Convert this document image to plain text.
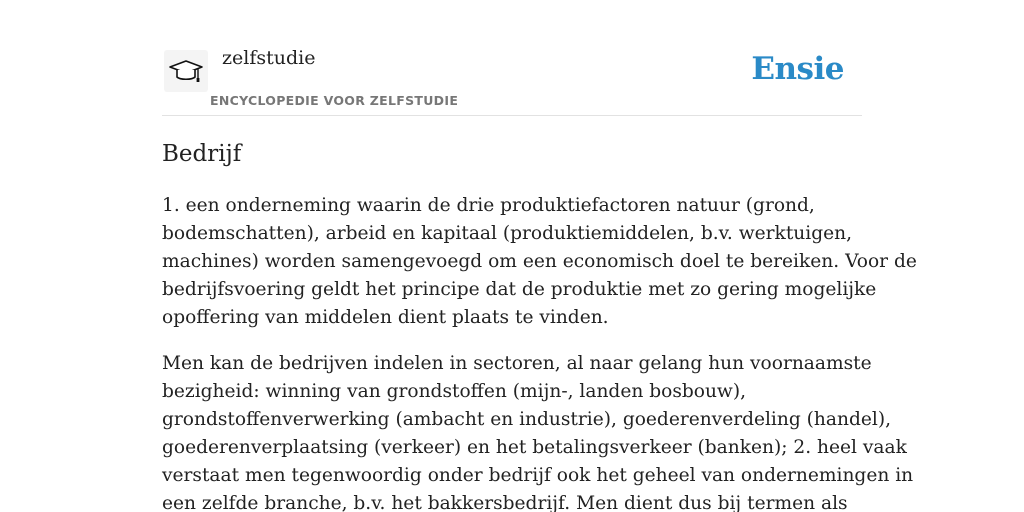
zelfstudie
ENCYCLOPEDIE VOOR ZELFSTUDIE
Ensie
Bedrijf

1. een onderneming waarin de drie produktiefactoren natuur (grond,
bodemschatten), arbeid en kapitaal (produktiemiddelen, b.v. werktuigen,
machines) worden samengevoegd om een economisch doel te bereiken. Voor de
bedrijfsvoering geldt het principe dat de produktie met zo gering mogelijke
opoffering van middelen dient plaats te vinden.

Men kan de bedrijven indelen in sectoren, al naar gelang hun voornaamste
bezigheid: winning van grondstoffen (mijn-, landen bosbouw),
grondstoffenverwerking (ambacht en industrie), goederenverdeling (handel),
goederenverplaatsing (verkeer) en het betalingsverkeer (banken); 2. heel vaak
verstaat men tegenwoordig onder bedrijf ook het geheel van ondernemingen in
een zelfde branche, b.v. het bakkersbedrijf. Men dient dus bij termen als
